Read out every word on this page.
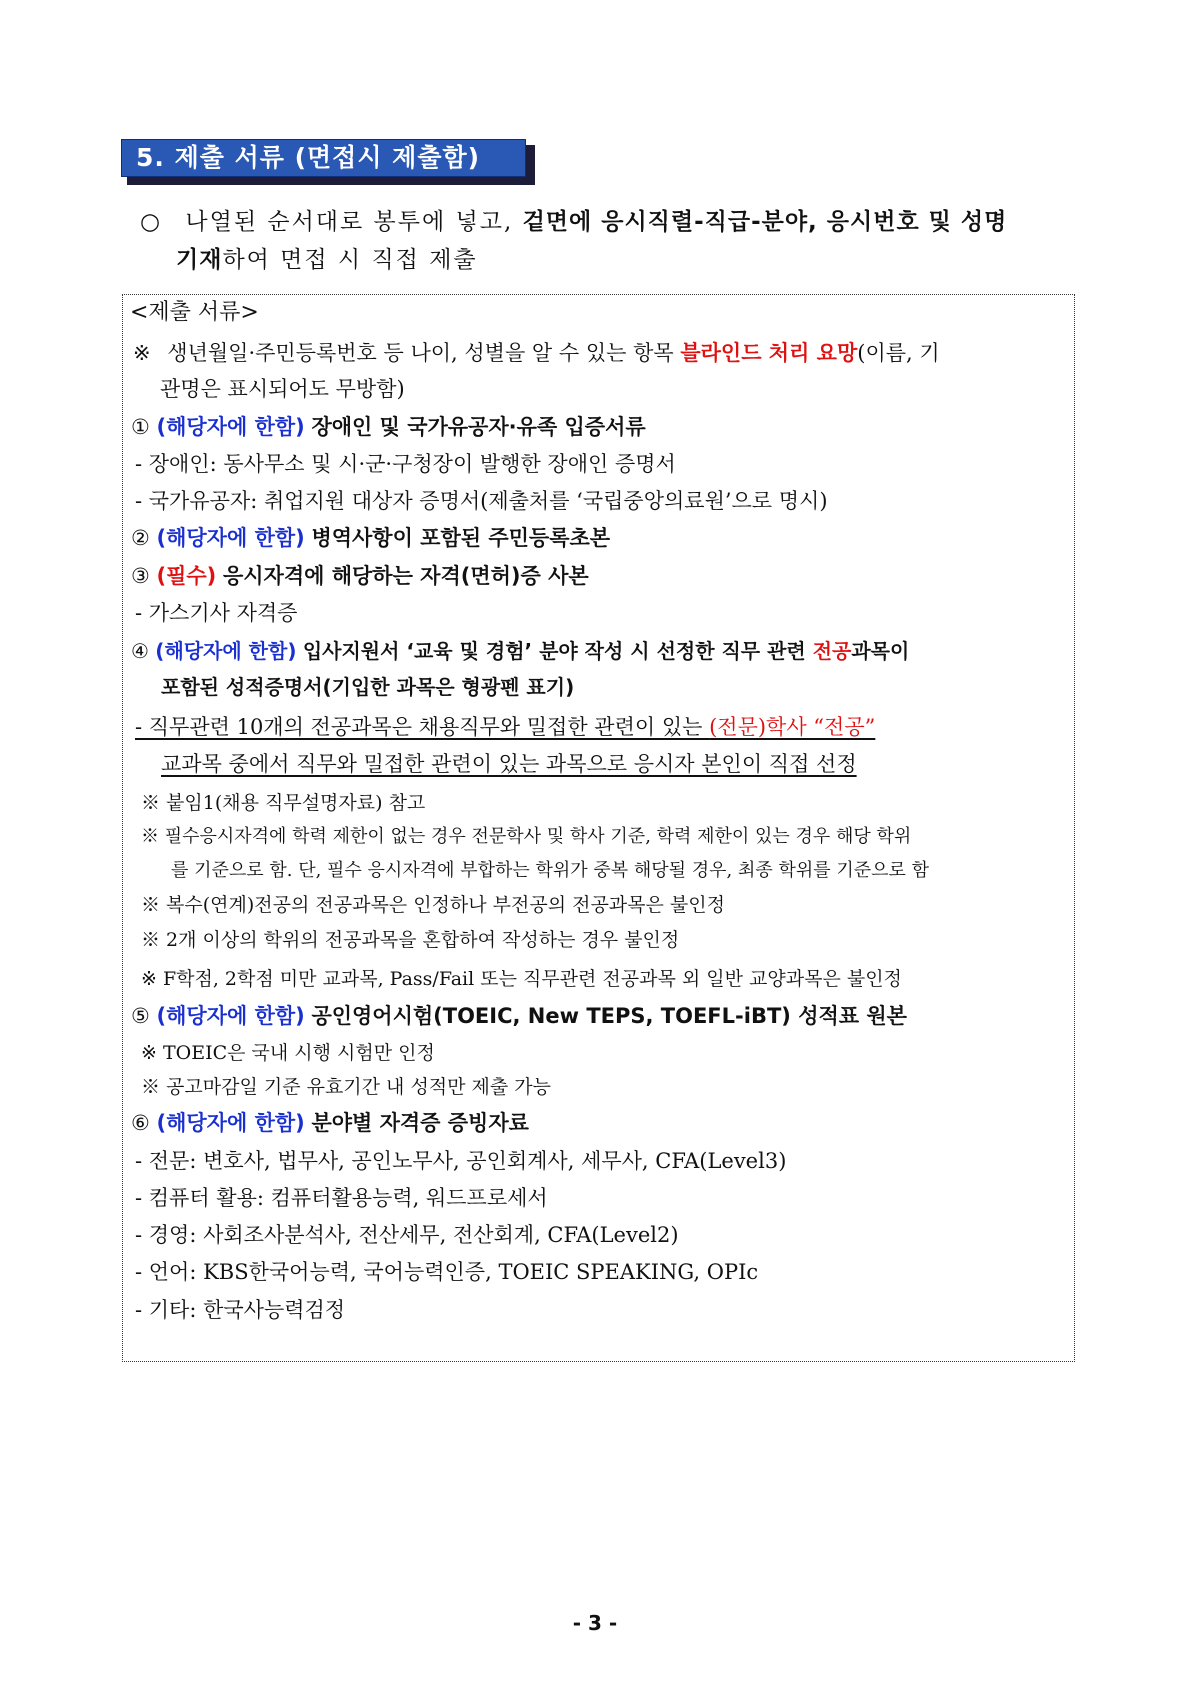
5. 제출 서류 (면접시 제출함)
○ 나열된 순서대로 봉투에 넣고, 겉면에 응시직렬-직급-분야, 응시번호 및 성명
기재하여 면접 시 직접 제출
<제출 서류>
※ 생년월일·주민등록번호 등 나이, 성별을 알 수 있는 항목 블라인드 처리 요망(이름, 기
관명은 표시되어도 무방함)
① (해당자에 한함) 장애인 및 국가유공자·유족 입증서류
- 장애인: 동사무소 및 시·군·구청장이 발행한 장애인 증명서
- 국가유공자: 취업지원 대상자 증명서(제출처를 ‘국립중앙의료원’으로 명시)
② (해당자에 한함) 병역사항이 포함된 주민등록초본
③ (필수) 응시자격에 해당하는 자격(면허)증 사본
- 가스기사 자격증
④ (해당자에 한함) 입사지원서 ‘교육 및 경험’ 분야 작성 시 선정한 직무 관련 전공과목이
포함된 성적증명서(기입한 과목은 형광펜 표기)
- 직무관련 10개의 전공과목은 채용직무와 밀접한 관련이 있는 (전문)학사 “전공”
교과목 중에서 직무와 밀접한 관련이 있는 과목으로 응시자 본인이 직접 선정
※ 붙임1(채용 직무설명자료) 참고
※ 필수응시자격에 학력 제한이 없는 경우 전문학사 및 학사 기준, 학력 제한이 있는 경우 해당 학위
를 기준으로 함. 단, 필수 응시자격에 부합하는 학위가 중복 해당될 경우, 최종 학위를 기준으로 함
※ 복수(연계)전공의 전공과목은 인정하나 부전공의 전공과목은 불인정
※ 2개 이상의 학위의 전공과목을 혼합하여 작성하는 경우 불인정
※ F학점, 2학점 미만 교과목, Pass/Fail 또는 직무관련 전공과목 외 일반 교양과목은 불인정
⑤ (해당자에 한함) 공인영어시험(TOEIC, New TEPS, TOEFL-iBT) 성적표 원본
※ TOEIC은 국내 시행 시험만 인정
※ 공고마감일 기준 유효기간 내 성적만 제출 가능
⑥ (해당자에 한함) 분야별 자격증 증빙자료
- 전문: 변호사, 법무사, 공인노무사, 공인회계사, 세무사, CFA(Level3)
- 컴퓨터 활용: 컴퓨터활용능력, 워드프로세서
- 경영: 사회조사분석사, 전산세무, 전산회계, CFA(Level2)
- 언어: KBS한국어능력, 국어능력인증, TOEIC SPEAKING, OPIc
- 기타: 한국사능력검정
- 3 -
